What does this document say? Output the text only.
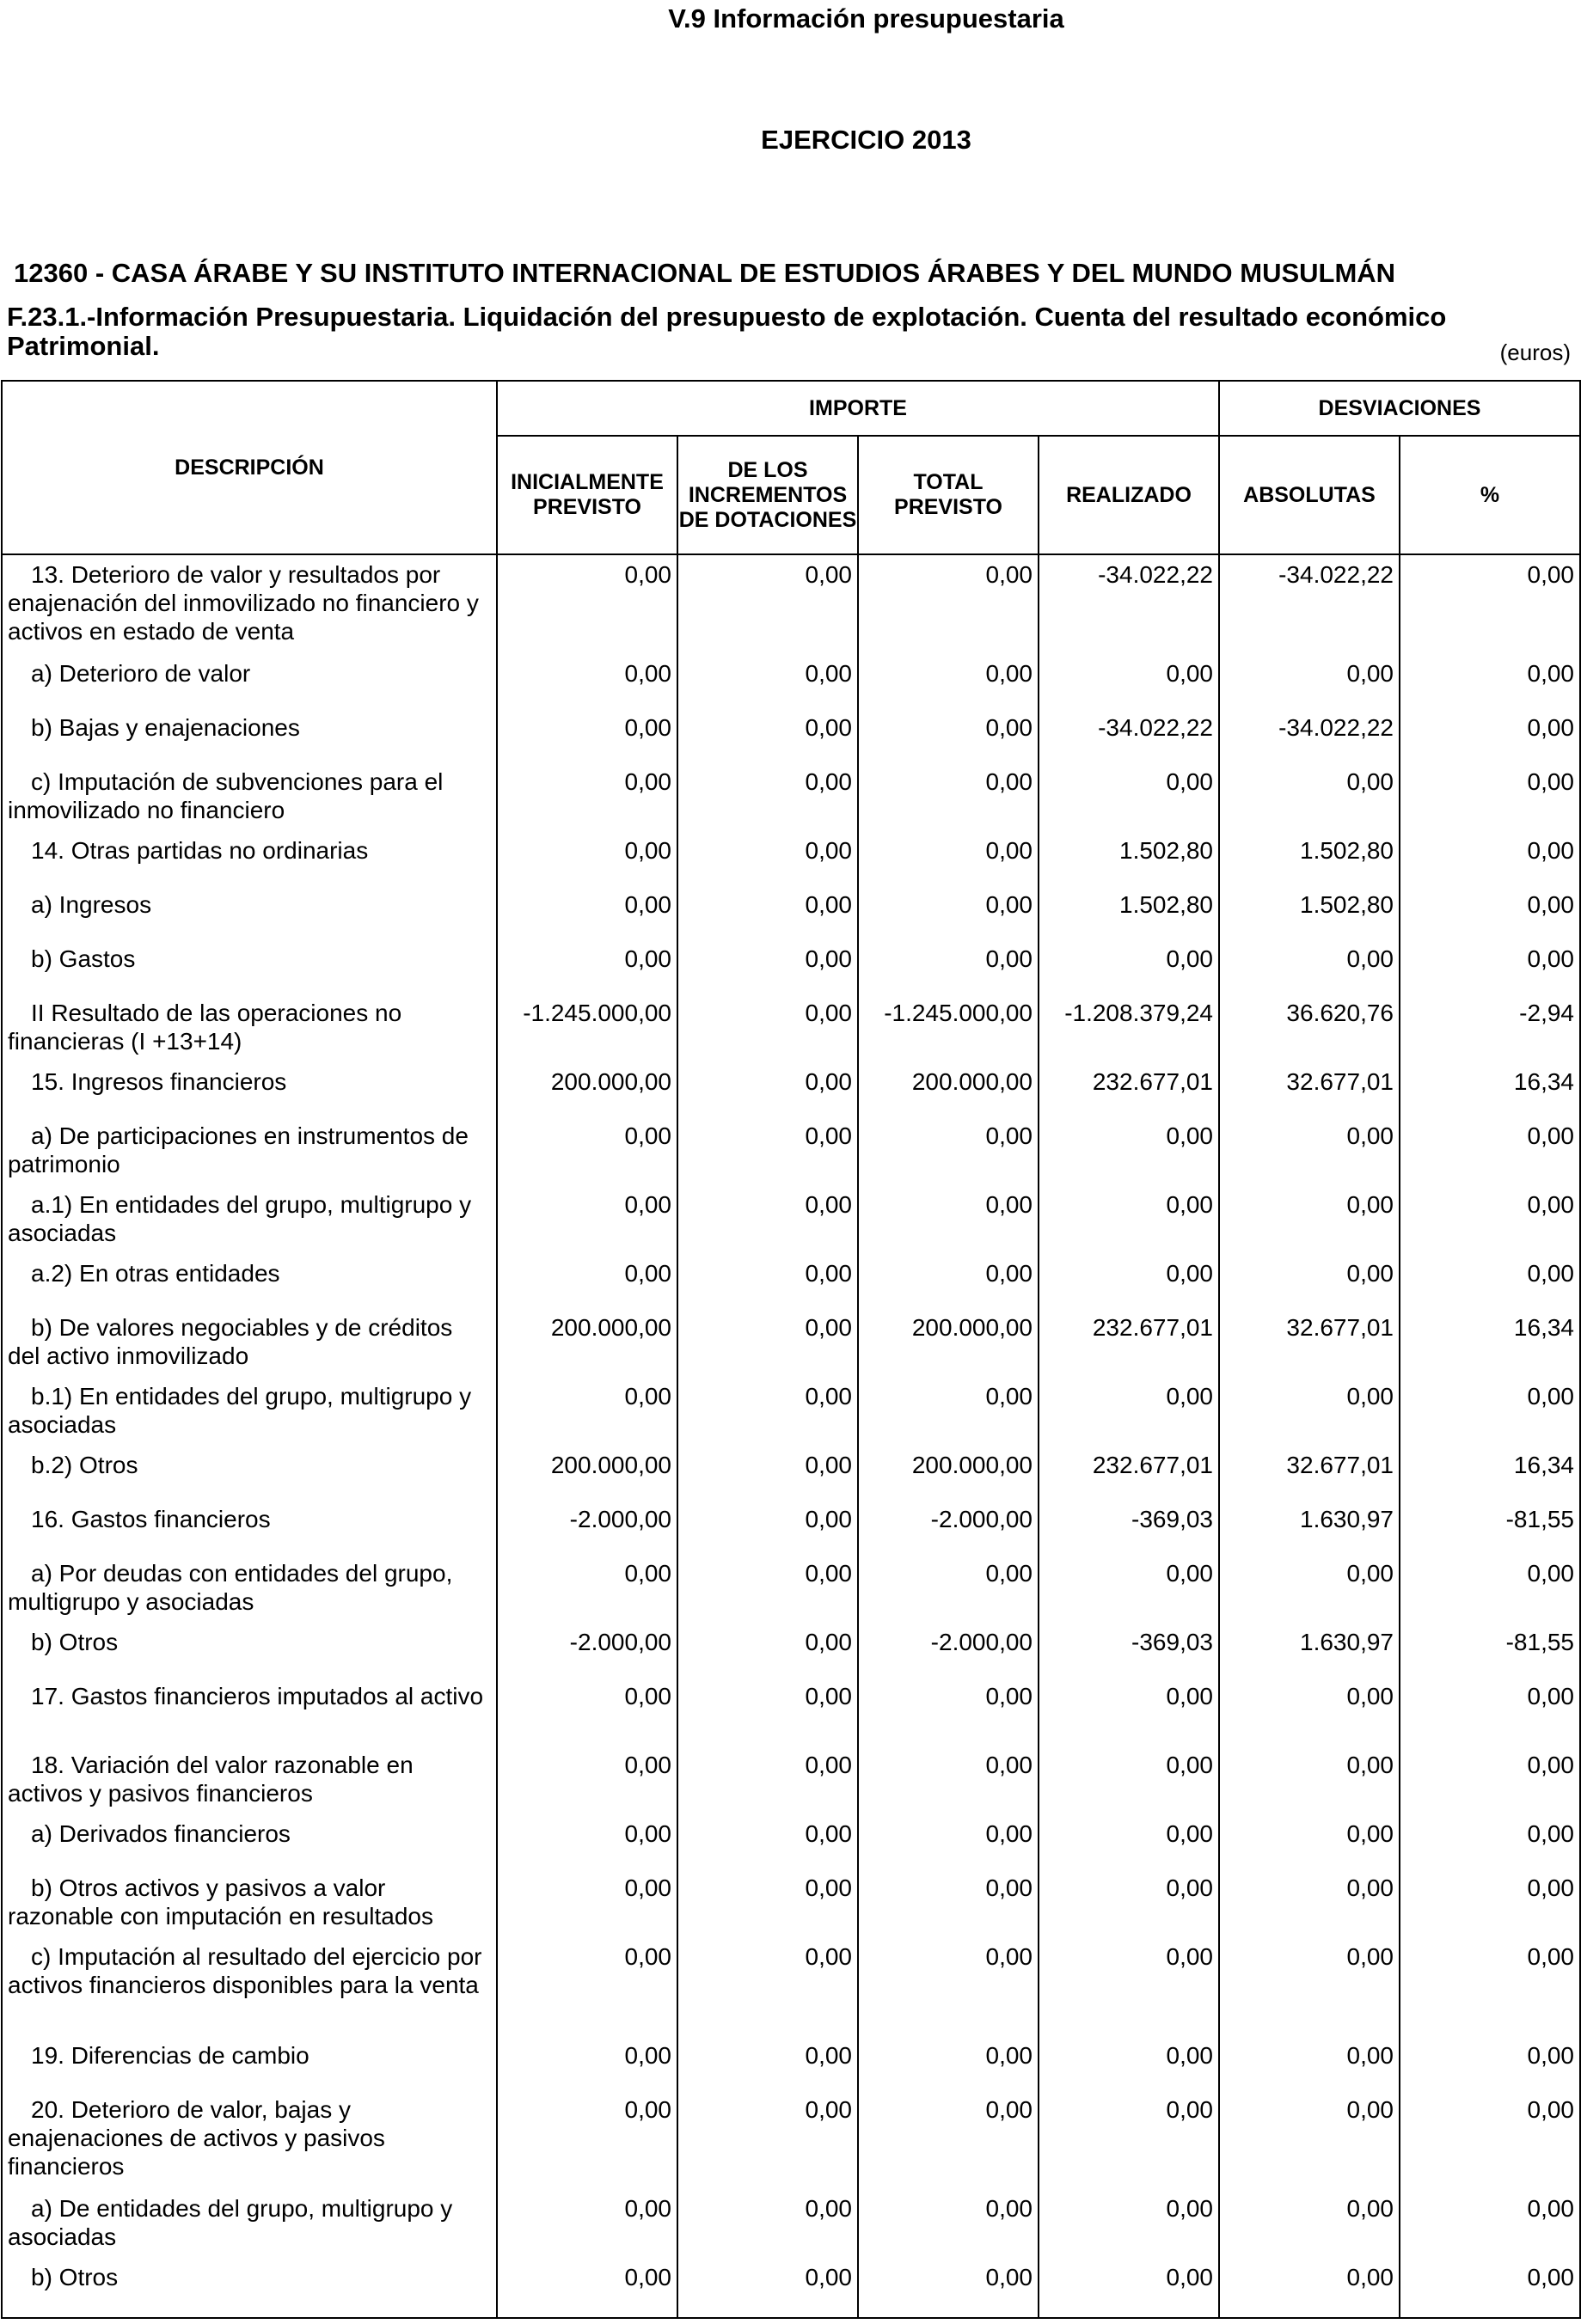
V.9 Información presupuestaria
EJERCICIO 2013
12360 - CASA ÁRABE Y SU INSTITUTO INTERNACIONAL DE ESTUDIOS ÁRABES Y DEL MUNDO MUSULMÁN
F.23.1.-Información Presupuestaria. Liquidación del presupuesto de explotación. Cuenta del resultado económico Patrimonial.	(euros)
DESCRIPCIÓN	IMPORTE				DESVIACIONES	
	INICIALMENTE PREVISTO	DE LOS INCREMENTOS DE DOTACIONES	TOTAL PREVISTO	REALIZADO	ABSOLUTAS	%
13. Deterioro de valor y resultados por enajenación del inmovilizado no financiero y activos en estado de venta	0,00	0,00	0,00	-34.022,22	-34.022,22	0,00
a) Deterioro de valor	0,00	0,00	0,00	0,00	0,00	0,00
b) Bajas y enajenaciones	0,00	0,00	0,00	-34.022,22	-34.022,22	0,00
c) Imputación de subvenciones para el inmovilizado no financiero	0,00	0,00	0,00	0,00	0,00	0,00
14. Otras partidas no ordinarias	0,00	0,00	0,00	1.502,80	1.502,80	0,00
a) Ingresos	0,00	0,00	0,00	1.502,80	1.502,80	0,00
b) Gastos	0,00	0,00	0,00	0,00	0,00	0,00
II Resultado de las operaciones no financieras (I +13+14)	-1.245.000,00	0,00	-1.245.000,00	-1.208.379,24	36.620,76	-2,94
15. Ingresos financieros	200.000,00	0,00	200.000,00	232.677,01	32.677,01	16,34
a) De participaciones en instrumentos de patrimonio	0,00	0,00	0,00	0,00	0,00	0,00
a.1) En entidades del grupo, multigrupo y asociadas	0,00	0,00	0,00	0,00	0,00	0,00
a.2) En otras entidades	0,00	0,00	0,00	0,00	0,00	0,00
b) De valores negociables y de créditos del activo inmovilizado	200.000,00	0,00	200.000,00	232.677,01	32.677,01	16,34
b.1) En entidades del grupo, multigrupo y asociadas	0,00	0,00	0,00	0,00	0,00	0,00
b.2) Otros	200.000,00	0,00	200.000,00	232.677,01	32.677,01	16,34
16. Gastos financieros	-2.000,00	0,00	-2.000,00	-369,03	1.630,97	-81,55
a) Por deudas con entidades del grupo, multigrupo y asociadas	0,00	0,00	0,00	0,00	0,00	0,00
b) Otros	-2.000,00	0,00	-2.000,00	-369,03	1.630,97	-81,55
17. Gastos financieros imputados al activo	0,00	0,00	0,00	0,00	0,00	0,00
18. Variación del valor razonable en activos y pasivos financieros	0,00	0,00	0,00	0,00	0,00	0,00
a) Derivados financieros	0,00	0,00	0,00	0,00	0,00	0,00
b) Otros activos y pasivos a valor razonable con imputación en resultados	0,00	0,00	0,00	0,00	0,00	0,00
c) Imputación al resultado del ejercicio por activos financieros disponibles para la venta	0,00	0,00	0,00	0,00	0,00	0,00
19. Diferencias de cambio	0,00	0,00	0,00	0,00	0,00	0,00
20. Deterioro de valor, bajas y enajenaciones de activos y pasivos financieros	0,00	0,00	0,00	0,00	0,00	0,00
a) De entidades del grupo, multigrupo y asociadas	0,00	0,00	0,00	0,00	0,00	0,00
b) Otros	0,00	0,00	0,00	0,00	0,00	0,00
